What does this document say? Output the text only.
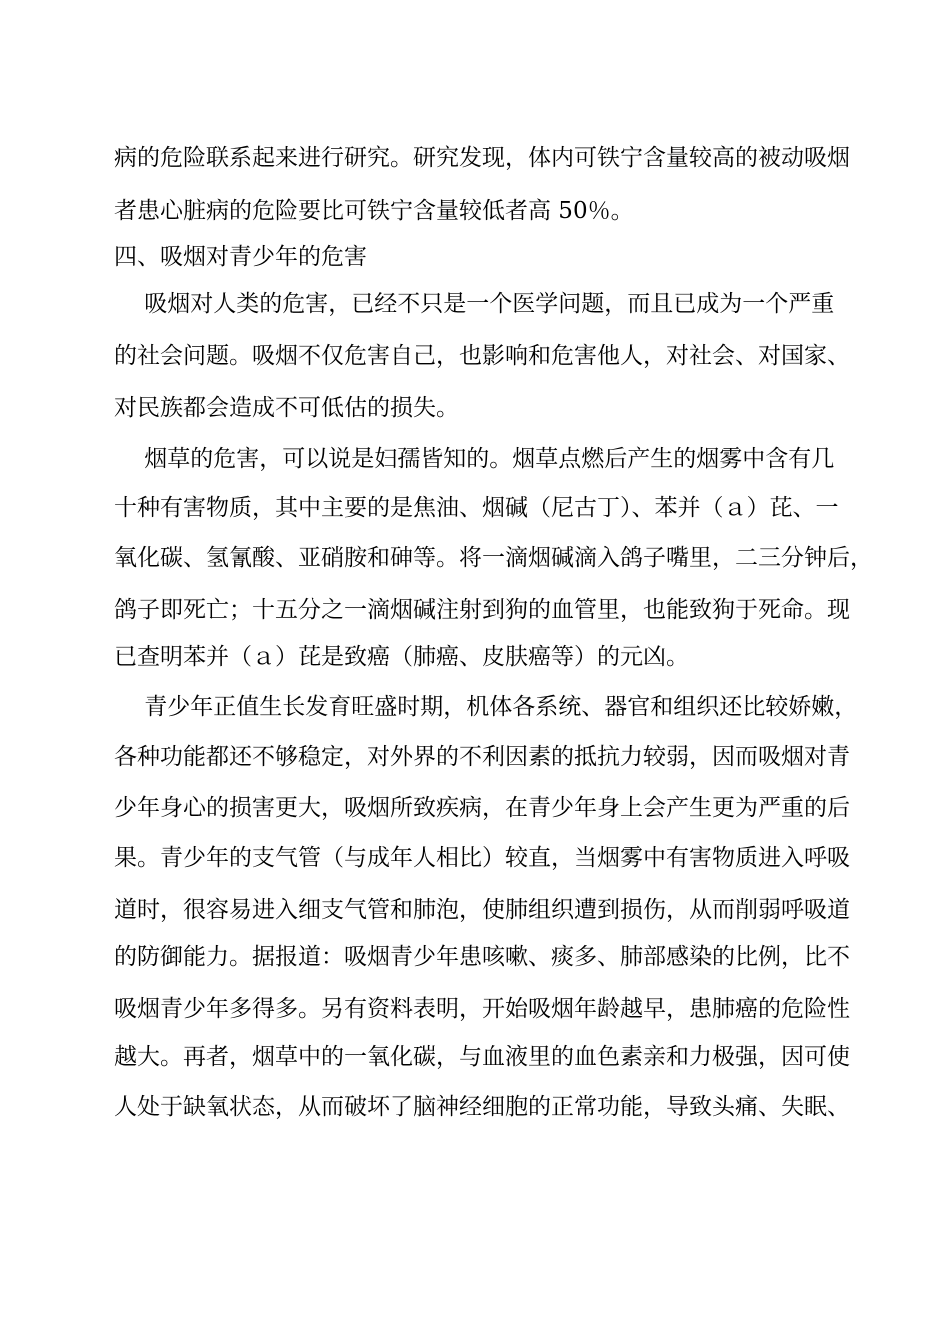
病的危险联系起来进行研究。研究发现，体内可铁宁含量较高的被动吸烟
者患心脏病的危险要比可铁宁含量较低者高 50％。
四、吸烟对青少年的危害
　 吸烟对人类的危害，已经不只是一个医学问题，而且已成为一个严重
的社会问题。吸烟不仅危害自己，也影响和危害他人，对社会、对国家、
对民族都会造成不可低估的损失。
　 烟草的危害，可以说是妇孺皆知的。烟草点燃后产生的烟雾中含有几
十种有害物质，其中主要的是焦油、烟碱（尼古丁）、苯并（ａ）芘、一
氧化碳、氢氰酸、亚硝胺和砷等。将一滴烟碱滴入鸽子嘴里，二三分钟后，
鸽子即死亡；十五分之一滴烟碱注射到狗的血管里，也能致狗于死命。现
已查明苯并（ａ）芘是致癌（肺癌、皮肤癌等）的元凶。
　 青少年正值生长发育旺盛时期，机体各系统、器官和组织还比较娇嫩，
各种功能都还不够稳定，对外界的不利因素的抵抗力较弱，因而吸烟对青
少年身心的损害更大，吸烟所致疾病，在青少年身上会产生更为严重的后
果。青少年的支气管（与成年人相比）较直，当烟雾中有害物质进入呼吸
道时，很容易进入细支气管和肺泡，使肺组织遭到损伤，从而削弱呼吸道
的防御能力。据报道：吸烟青少年患咳嗽、痰多、肺部感染的比例，比不
吸烟青少年多得多。另有资料表明，开始吸烟年龄越早，患肺癌的危险性
越大。再者，烟草中的一氧化碳，与血液里的血色素亲和力极强，因可使
人处于缺氧状态，从而破坏了脑神经细胞的正常功能，导致头痛、失眠、
